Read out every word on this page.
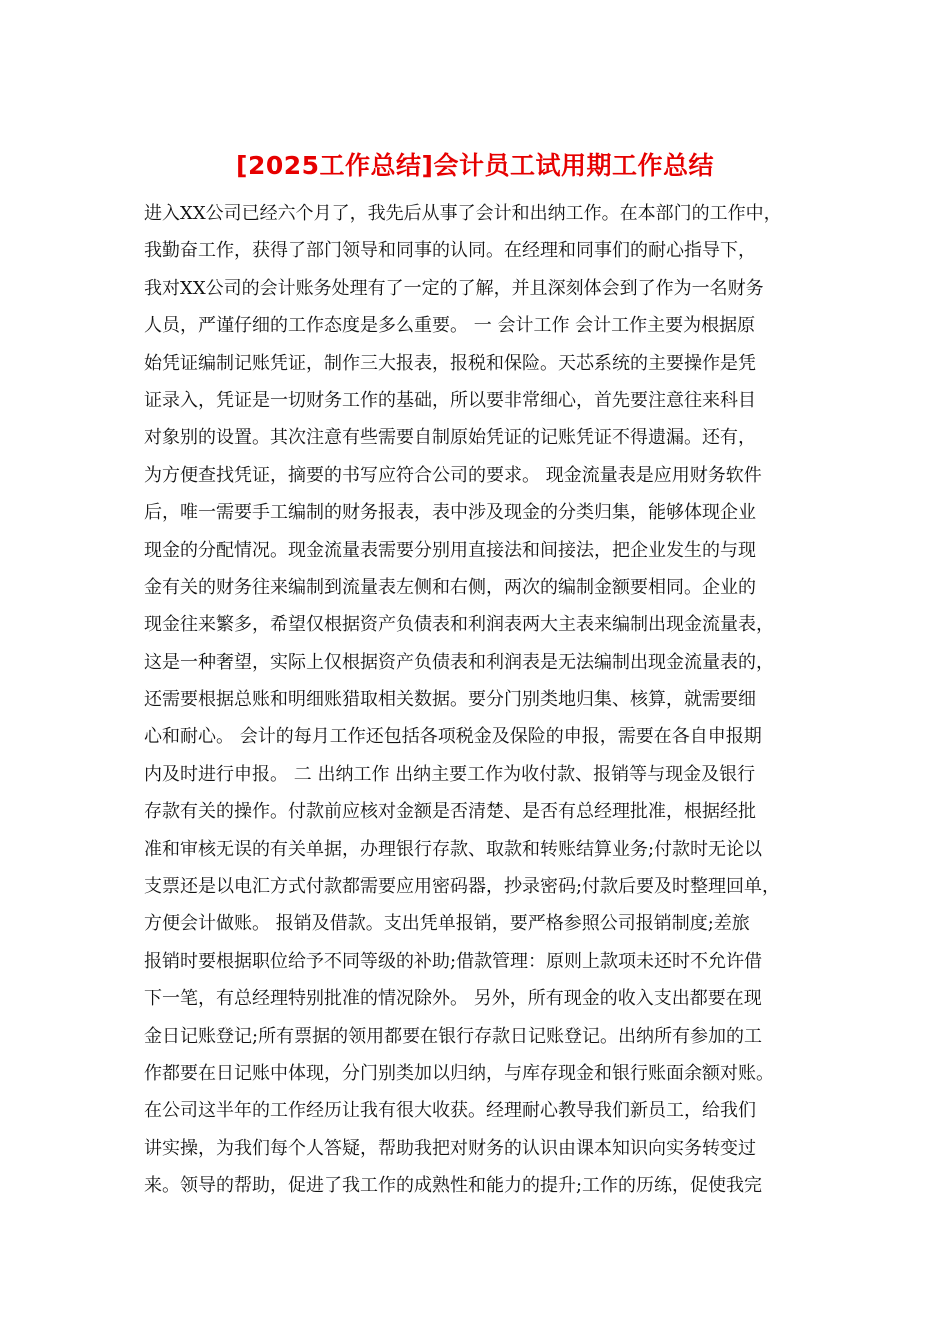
[2025工作总结]会计员工试用期工作总结
进入XX公司已经六个月了，我先后从事了会计和出纳工作。在本部门的工作中，
我勤奋工作，获得了部门领导和同事的认同。在经理和同事们的耐心指导下，
我对XX公司的会计账务处理有了一定的了解，并且深刻体会到了作为一名财务
人员，严谨仔细的工作态度是多么重要。 一 会计工作 会计工作主要为根据原
始凭证编制记账凭证，制作三大报表，报税和保险。天芯系统的主要操作是凭
证录入，凭证是一切财务工作的基础，所以要非常细心，首先要注意往来科目
对象别的设置。其次注意有些需要自制原始凭证的记账凭证不得遗漏。还有，
为方便查找凭证，摘要的书写应符合公司的要求。 现金流量表是应用财务软件
后，唯一需要手工编制的财务报表，表中涉及现金的分类归集，能够体现企业
现金的分配情况。现金流量表需要分别用直接法和间接法，把企业发生的与现
金有关的财务往来编制到流量表左侧和右侧，两次的编制金额要相同。企业的
现金往来繁多，希望仅根据资产负债表和利润表两大主表来编制出现金流量表，
这是一种奢望，实际上仅根据资产负债表和利润表是无法编制出现金流量表的，
还需要根据总账和明细账猎取相关数据。要分门别类地归集、核算，就需要细
心和耐心。 会计的每月工作还包括各项税金及保险的申报，需要在各自申报期
内及时进行申报。 二 出纳工作 出纳主要工作为收付款、报销等与现金及银行
存款有关的操作。付款前应核对金额是否清楚、是否有总经理批准，根据经批
准和审核无误的有关单据，办理银行存款、取款和转账结算业务;付款时无论以
支票还是以电汇方式付款都需要应用密码器，抄录密码;付款后要及时整理回单，
方便会计做账。 报销及借款。支出凭单报销，要严格参照公司报销制度;差旅
报销时要根据职位给予不同等级的补助;借款管理：原则上款项未还时不允许借
下一笔，有总经理特别批准的情况除外。 另外，所有现金的收入支出都要在现
金日记账登记;所有票据的领用都要在银行存款日记账登记。出纳所有参加的工
作都要在日记账中体现，分门别类加以归纳，与库存现金和银行账面余额对账。
在公司这半年的工作经历让我有很大收获。经理耐心教导我们新员工，给我们
讲实操，为我们每个人答疑，帮助我把对财务的认识由课本知识向实务转变过
来。领导的帮助，促进了我工作的成熟性和能力的提升;工作的历练，促使我完
